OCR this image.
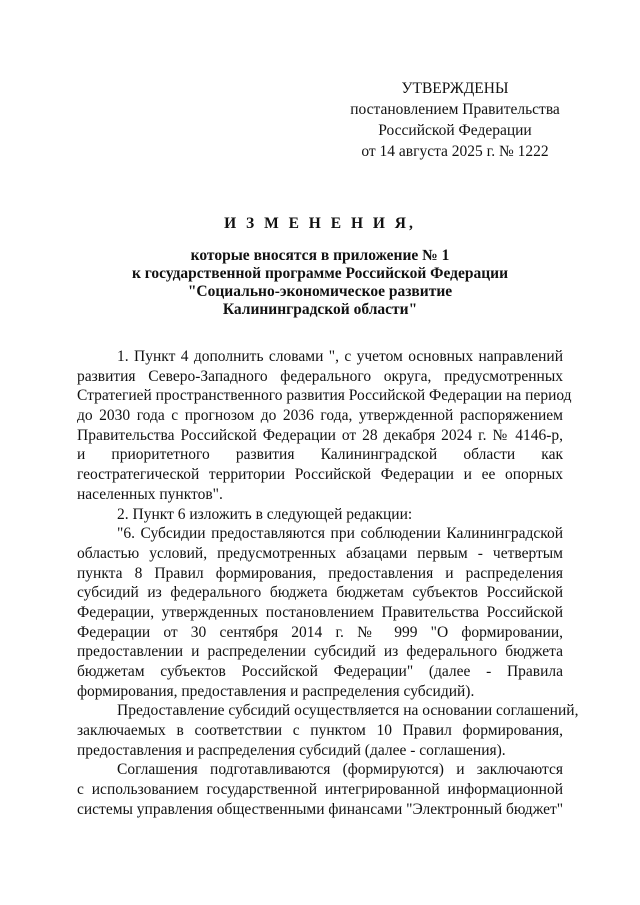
УТВЕРЖДЕНЫ
постановлением Правительства
Российской Федерации
от 14 августа 2025 г. № 1222
И З М Е Н Е Н И Я,
которые вносятся в приложение № 1
к государственной программе Российской Федерации
"Социально-экономическое развитие
Калининградской области"
1. Пункт 4 дополнить словами ", с учетом основных направлений
развития Северо-Западного федерального округа, предусмотренных
Стратегией пространственного развития Российской Федерации на период
до 2030 года с прогнозом до 2036 года, утвержденной распоряжением
Правительства Российской Федерации от 28 декабря 2024 г. № 4146-р,
и приоритетного развития Калининградской области как
геостратегической территории Российской Федерации и ее опорных
населенных пунктов".
2. Пункт 6 изложить в следующей редакции:
"6. Субсидии предоставляются при соблюдении Калининградской
областью условий, предусмотренных абзацами первым - четвертым
пункта 8 Правил формирования, предоставления и распределения
субсидий из федерального бюджета бюджетам субъектов Российской
Федерации, утвержденных постановлением Правительства Российской
Федерации от 30 сентября 2014 г. № 999 "О формировании,
предоставлении и распределении субсидий из федерального бюджета
бюджетам субъектов Российской Федерации" (далее - Правила
формирования, предоставления и распределения субсидий).
Предоставление субсидий осуществляется на основании соглашений,
заключаемых в соответствии с пунктом 10 Правил формирования,
предоставления и распределения субсидий (далее - соглашения).
Соглашения подготавливаются (формируются) и заключаются
с использованием государственной интегрированной информационной
системы управления общественными финансами "Электронный бюджет"
